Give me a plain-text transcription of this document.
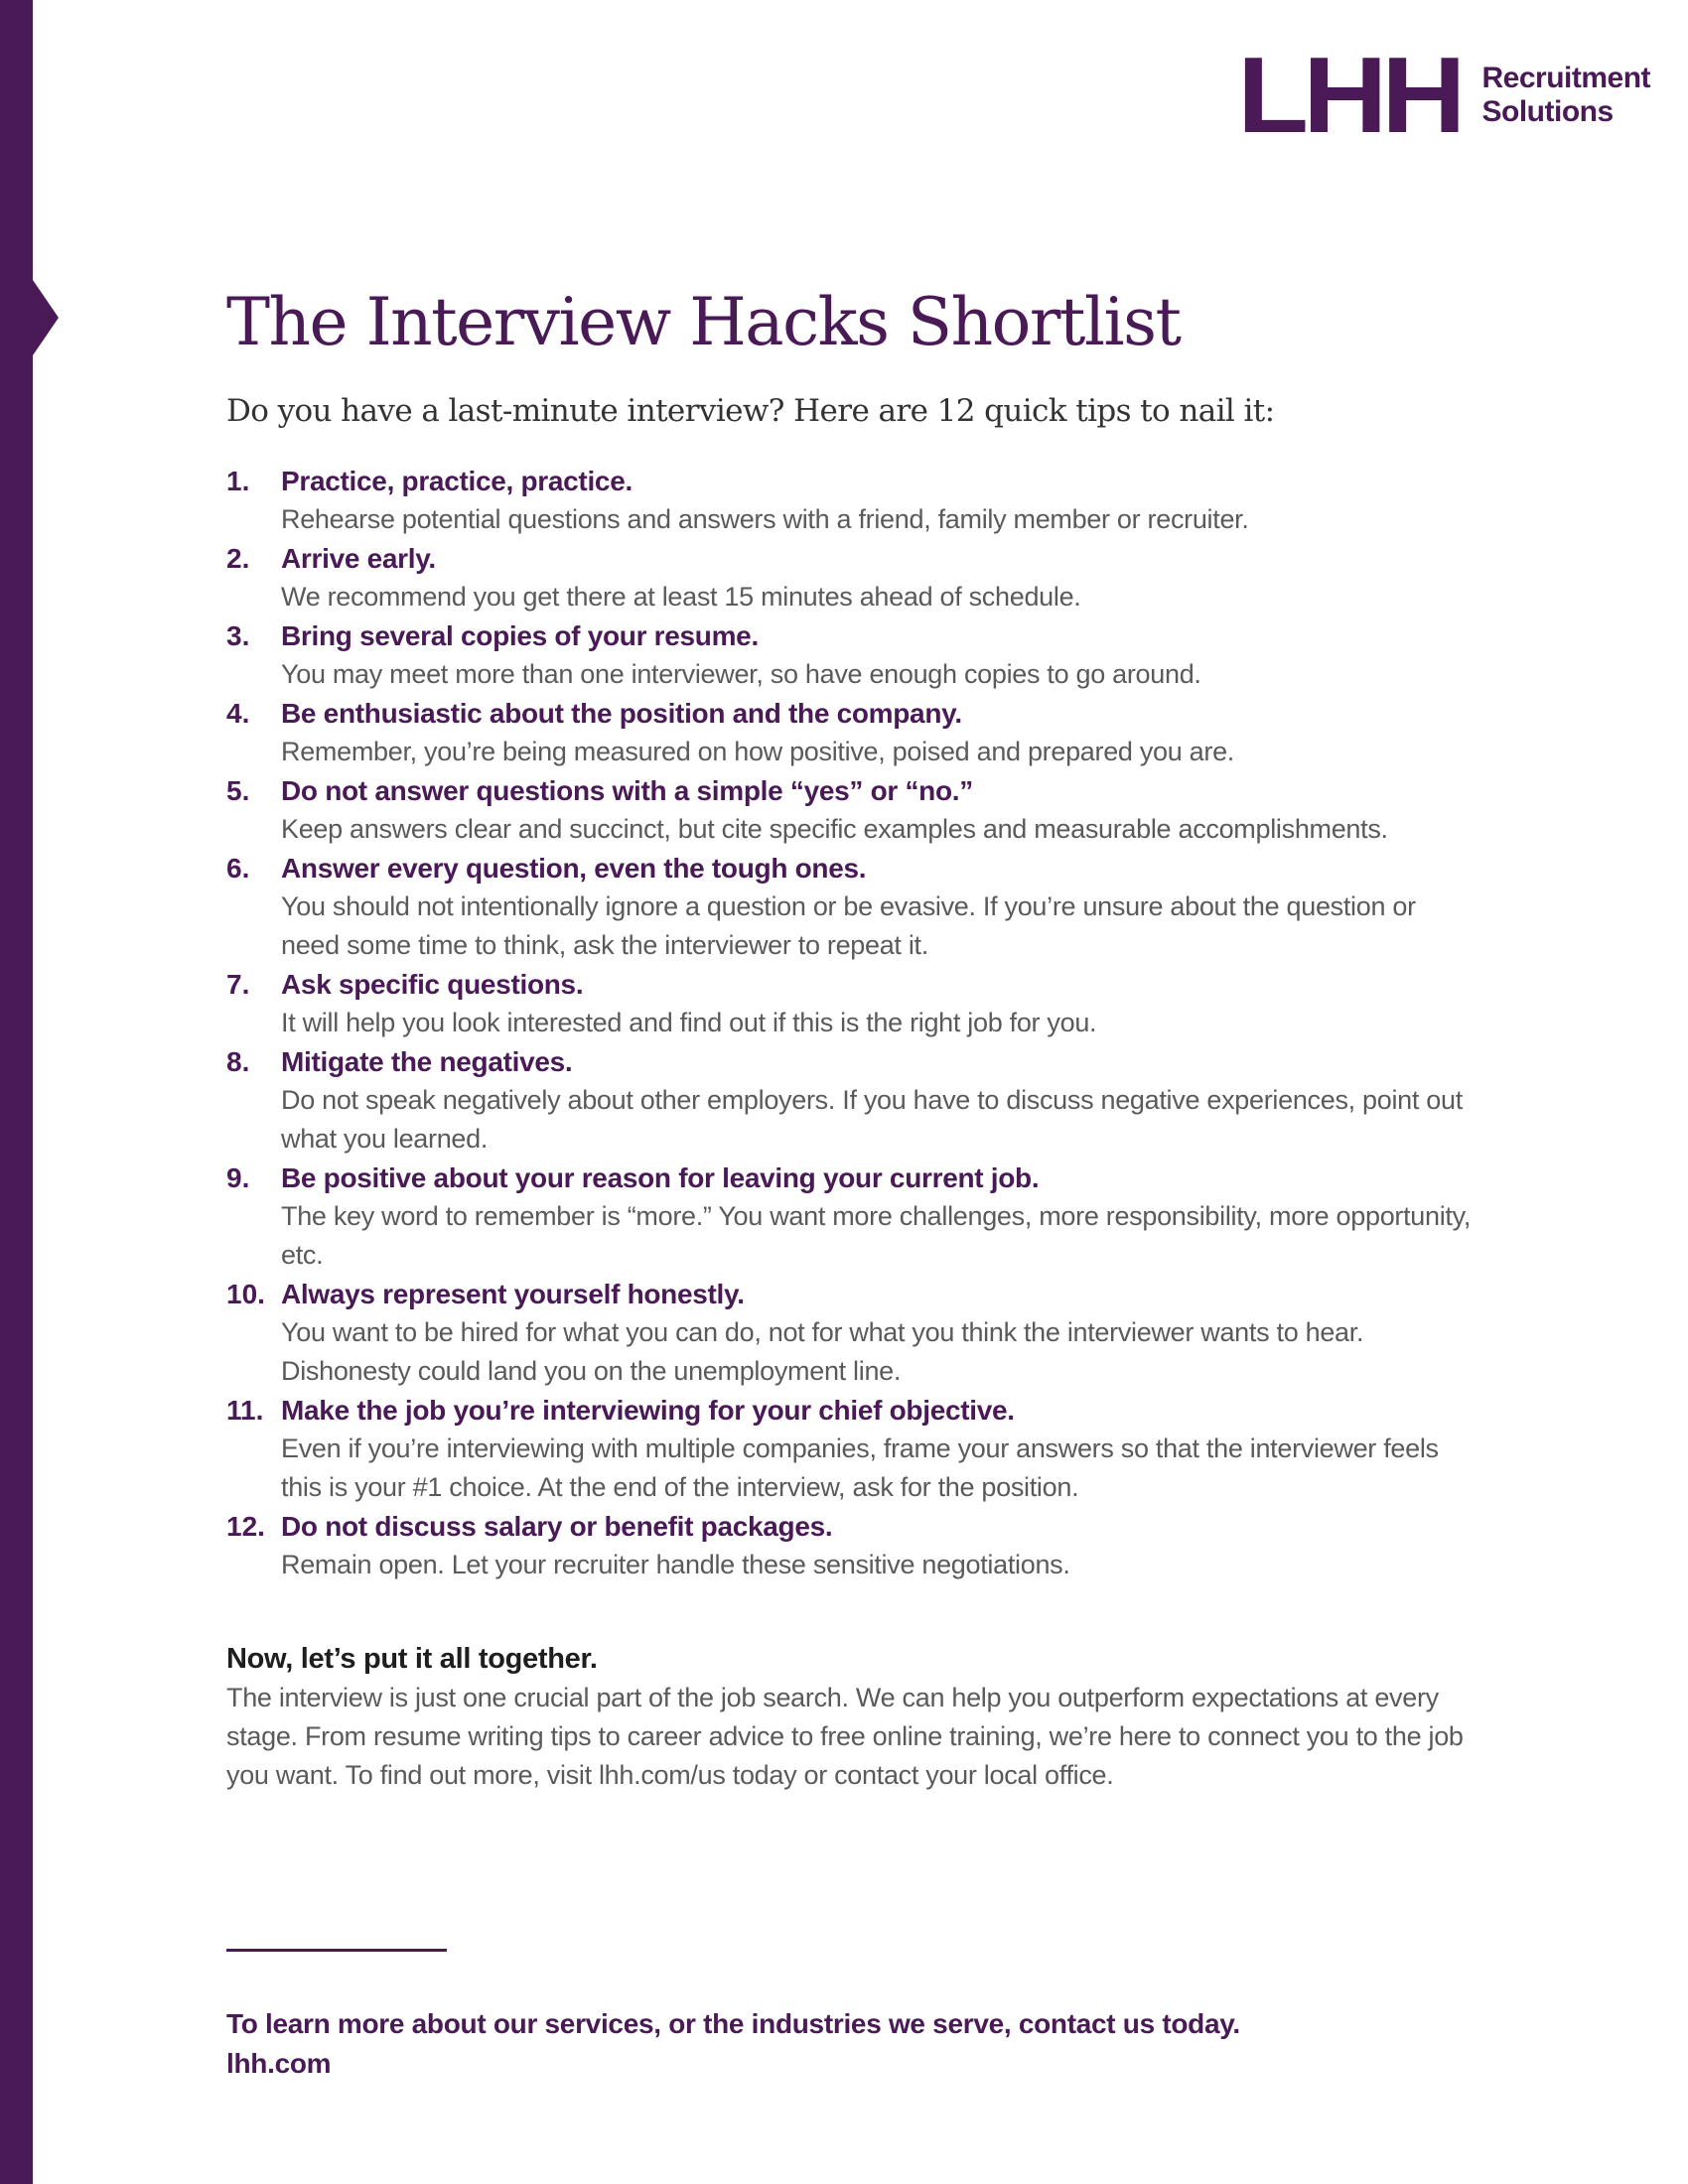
LHH Recruitment
Solutions
The Interview Hacks Shortlist

Do you have a last-minute interview? Here are 12 quick tips to nail it:

1.	Practice, practice, practice.
Rehearse potential questions and answers with a friend, family member or recruiter.
2.	Arrive early.
We recommend you get there at least 15 minutes ahead of schedule.
3.	Bring several copies of your resume.
You may meet more than one interviewer, so have enough copies to go around.
4.	Be enthusiastic about the position and the company.
Remember, you’re being measured on how positive, poised and prepared you are.
5.	Do not answer questions with a simple “yes” or “no.”
Keep answers clear and succinct, but cite specific examples and measurable accomplishments.
6.	Answer every question, even the tough ones.
You should not intentionally ignore a question or be evasive. If you’re unsure about the question or need some time to think, ask the interviewer to repeat it.
7.	Ask specific questions.
It will help you look interested and find out if this is the right job for you.
8.	Mitigate the negatives.
Do not speak negatively about other employers. If you have to discuss negative experiences, point out what you learned.
9.	Be positive about your reason for leaving your current job.
The key word to remember is “more.” You want more challenges, more responsibility, more opportunity, etc.
10. Always represent yourself honestly.
You want to be hired for what you can do, not for what you think the interviewer wants to hear. Dishonesty could land you on the unemployment line.
11. Make the job you’re interviewing for your chief objective.
Even if you’re interviewing with multiple companies, frame your answers so that the interviewer feels this is your #1 choice. At the end of the interview, ask for the position.
12. Do not discuss salary or benefit packages.
Remain open. Let your recruiter handle these sensitive negotiations.
Now, let’s put it all together.
The interview is just one crucial part of the job search. We can help you outperform expectations at every stage. From resume writing tips to career advice to free online training, we’re here to connect you to the job you want. To find out more, visit lhh.com/us today or contact your local office.
To learn more about our services, or the industries we serve, contact us today.
lhh.com
